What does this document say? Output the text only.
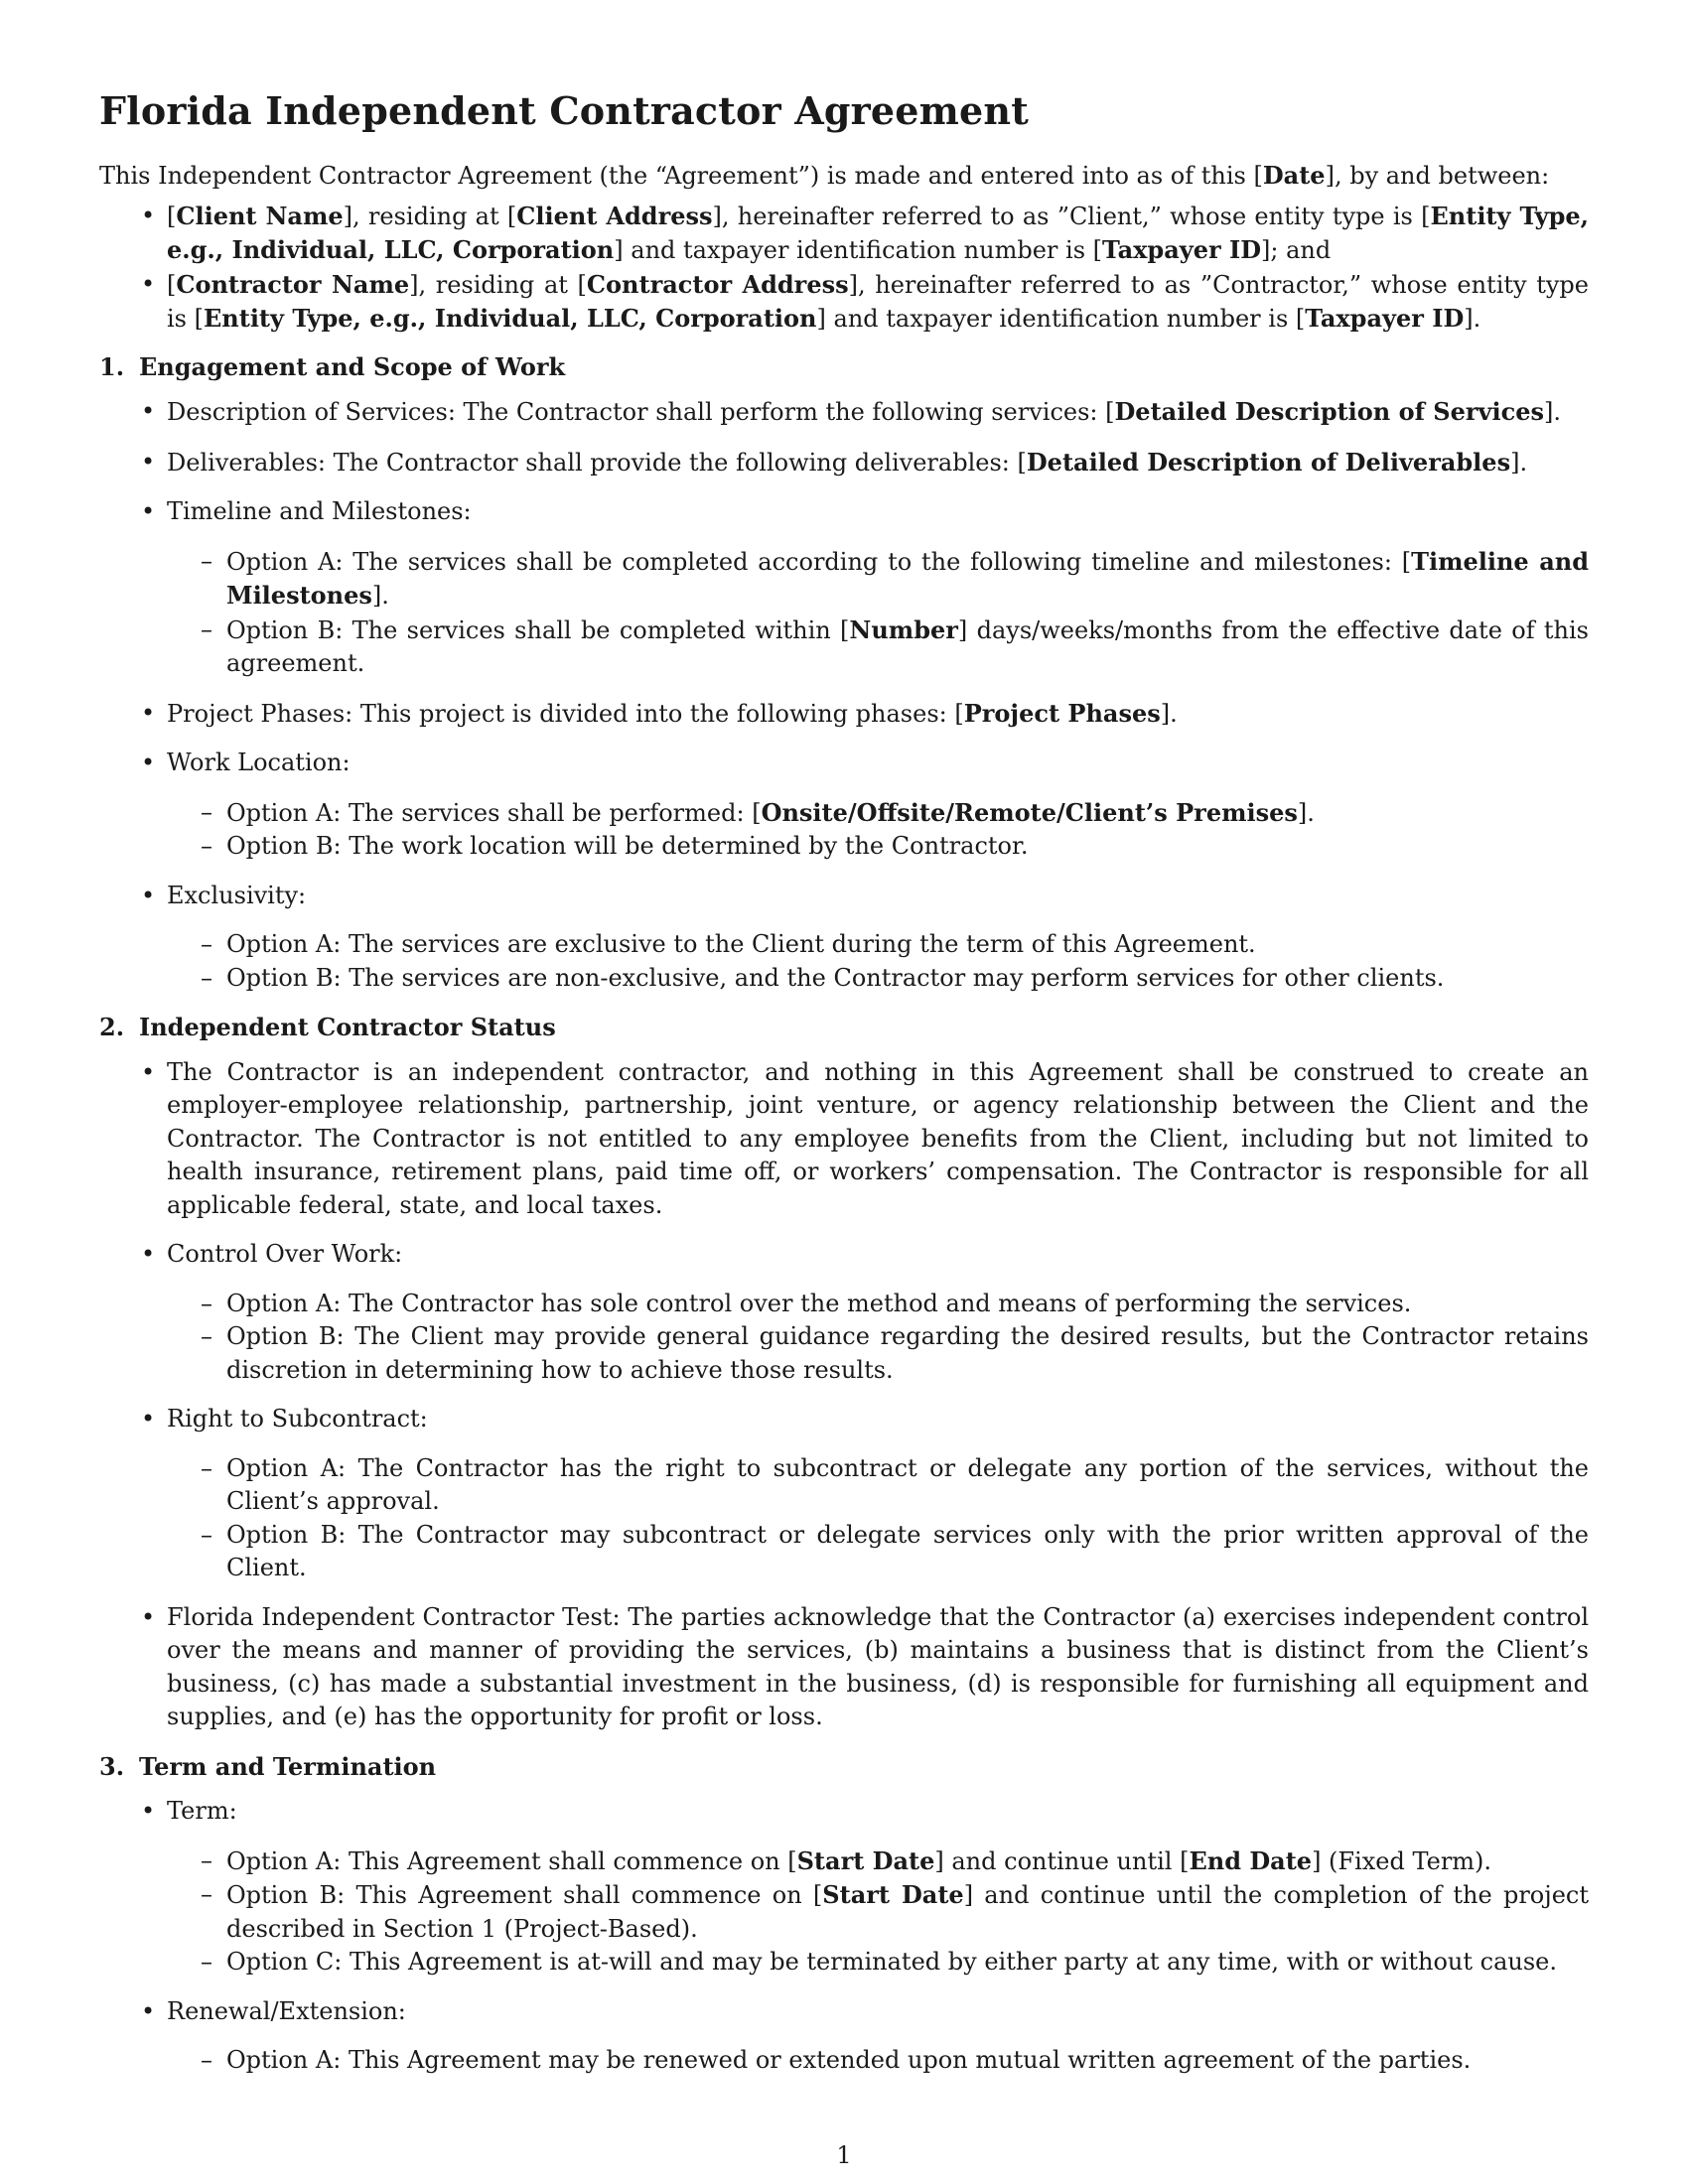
Florida Independent Contractor Agreement

This Independent Contractor Agreement (the “Agreement”) is made and entered into as of this [Date], by and between:

• [Client Name], residing at [Client Address], hereinafter referred to as ”Client,” whose entity type is [Entity Type, e.g., Individual, LLC, Corporation] and taxpayer identification number is [Taxpayer ID]; and
• [Contractor Name], residing at [Contractor Address], hereinafter referred to as ”Contractor,” whose entity type is [Entity Type, e.g., Individual, LLC, Corporation] and taxpayer identification number is [Taxpayer ID].
1. Engagement and Scope of Work
• Description of Services: The Contractor shall perform the following services: [Detailed Description of Services].
• Deliverables: The Contractor shall provide the following deliverables: [Detailed Description of Deliverables].
• Timeline and Milestones:
– Option A: The services shall be completed according to the following timeline and milestones: [Timeline and Milestones].
– Option B: The services shall be completed within [Number] days/weeks/months from the effective date of this agreement.
• Project Phases: This project is divided into the following phases: [Project Phases].
• Work Location:
– Option A: The services shall be performed: [Onsite/Offsite/Remote/Client’s Premises].
– Option B: The work location will be determined by the Contractor.
• Exclusivity:
– Option A: The services are exclusive to the Client during the term of this Agreement.
– Option B: The services are non-exclusive, and the Contractor may perform services for other clients.
2. Independent Contractor Status
• The Contractor is an independent contractor, and nothing in this Agreement shall be construed to create an employer-employee relationship, partnership, joint venture, or agency relationship between the Client and the Contractor. The Contractor is not entitled to any employee benefits from the Client, including but not limited to health insurance, retirement plans, paid time off, or workers’ compensation. The Contractor is responsible for all applicable federal, state, and local taxes.
• Control Over Work:
– Option A: The Contractor has sole control over the method and means of performing the services.
– Option B: The Client may provide general guidance regarding the desired results, but the Contractor retains discretion in determining how to achieve those results.
• Right to Subcontract:
– Option A: The Contractor has the right to subcontract or delegate any portion of the services, without the Client’s approval.
– Option B: The Contractor may subcontract or delegate services only with the prior written approval of the Client.
• Florida Independent Contractor Test: The parties acknowledge that the Contractor (a) exercises independent control over the means and manner of providing the services, (b) maintains a business that is distinct from the Client’s business, (c) has made a substantial investment in the business, (d) is responsible for furnishing all equipment and supplies, and (e) has the opportunity for profit or loss.
3. Term and Termination
• Term:
– Option A: This Agreement shall commence on [Start Date] and continue until [End Date] (Fixed Term).
– Option B: This Agreement shall commence on [Start Date] and continue until the completion of the project described in Section 1 (Project-Based).
– Option C: This Agreement is at-will and may be terminated by either party at any time, with or without cause.
• Renewal/Extension:
– Option A: This Agreement may be renewed or extended upon mutual written agreement of the parties.
1
